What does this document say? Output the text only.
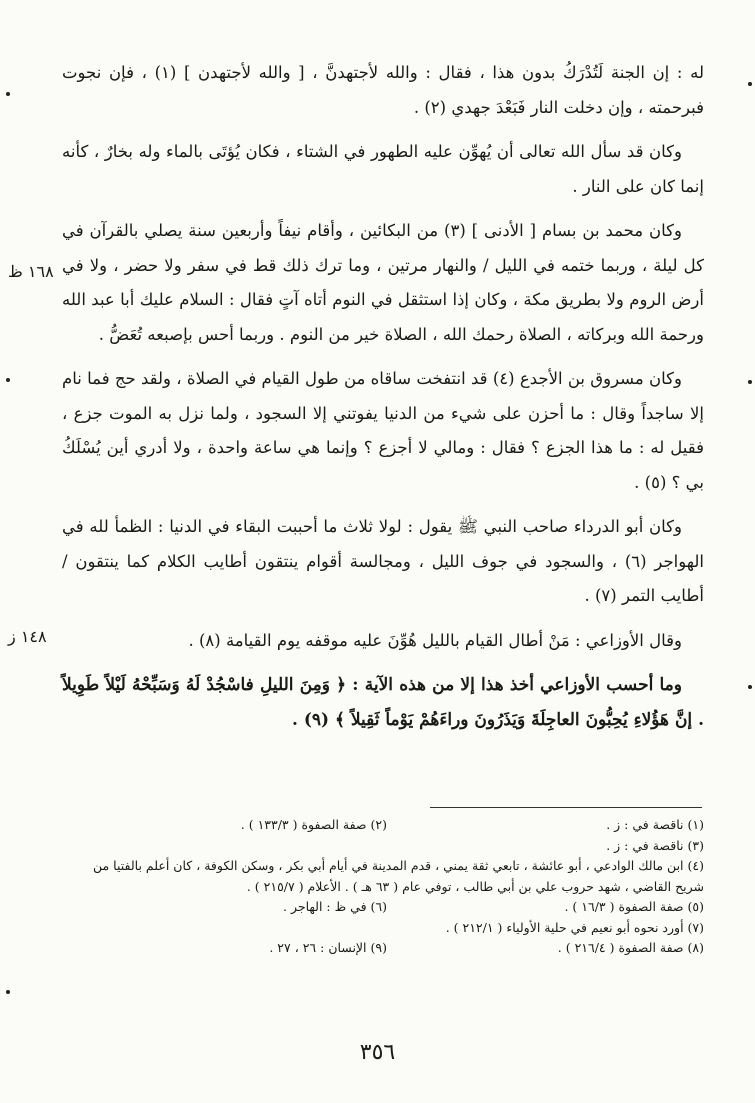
له : إن الجنة لَتُدْرَكُ بدون هذا ، فقال : والله لأجتهدنَّ ، [ والله لأجتهدن ] (١) ، فإن نجوت فبرحمته ، وإن دخلت النار فَبَعْدَ جهدي (٢) .

وكان قد سأل الله تعالى أن يُهوِّن عليه الطهور في الشتاء ، فكان يُؤتَى بالماء وله بخارٌ ، كأنه إنما كان على النار .

وكان محمد بن بسام [ الأدنى ] (٣) من البكائين ، وأقام نيفاً وأربعين سنة يصلي بالقرآن في كل ليلة ، وربما ختمه في الليل / والنهار مرتين ، وما ترك ذلك قط في سفر ولا حضر ، ولا في أرض الروم ولا بطريق مكة ، وكان إذا استثقل في النوم أتاه آتٍ فقال : السلام عليك أبا عبد الله ورحمة الله وبركاته ، الصلاة رحمك الله ، الصلاة خير من النوم . وربما أحس بإصبعه تُعَضُّ .

وكان مسروق بن الأجدع (٤) قد انتفخت ساقاه من طول القيام في الصلاة ، ولقد حج فما نام إلا ساجداً وقال : ما أحزن على شيء من الدنيا يفوتني إلا السجود ، ولما نزل به الموت جزع ، فقيل له : ما هذا الجزع ؟ فقال : ومالي لا أجزع ؟ وإنما هي ساعة واحدة ، ولا أدري أين يُسْلَكُ بي ؟ (٥) .

وكان أبو الدرداء صاحب النبي ﷺ يقول : لولا ثلاث ما أحببت البقاء في الدنيا : الظمأ لله في الهواجر (٦) ، والسجود في جوف الليل ، ومجالسة أقوام ينتقون أطايب الكلام كما ينتقون / أطايب التمر (٧) .

وقال الأوزاعي : مَنْ أطال القيام بالليل هُوِّنَ عليه موقفه يوم القيامة (٨) .

وما أحسب الأوزاعي أخذ هذا إلا من هذه الآية : ﴿ وَمِنَ الليلِ فاسْجُدْ لَهُ وَسَبِّحْهُ لَيْلاً طَوِيلاً . إنَّ هَؤُلاءِ يُحِبُّونَ العاجِلَةَ وَيَذَرُونَ وراءَهُمْ يَوْماً ثَقِيلاً ﴾ (٩) .

١٦٨ ظ
١٤٨ ز
(١) ناقصة في : ز .
(٢) صفة الصفوة ( ١٣٣/٣ ) .
(٣) ناقصة في : ز .
(٤) ابن مالك الوادعي ، أبو عائشة ، تابعي ثقة يمني ، قدم المدينة في أيام أبي بكر ، وسكن الكوفة ، كان أعلم بالفتيا من شريح القاضي ، شهد حروب علي بن أبي طالب ، توفي عام ( ٦٣ هـ ) . الأعلام ( ٢١٥/٧ ) .
(٥) صفة الصفوة ( ١٦/٣ ) .
(٦) في ظ : الهاجر .
(٧) أورد نحوه أبو نعيم في حلية الأولياء ( ٢١٢/١ ) .
(٨) صفة الصفوة ( ٢١٦/٤ ) .
(٩) الإنسان : ٢٦ ، ٢٧ .
٣٥٦
